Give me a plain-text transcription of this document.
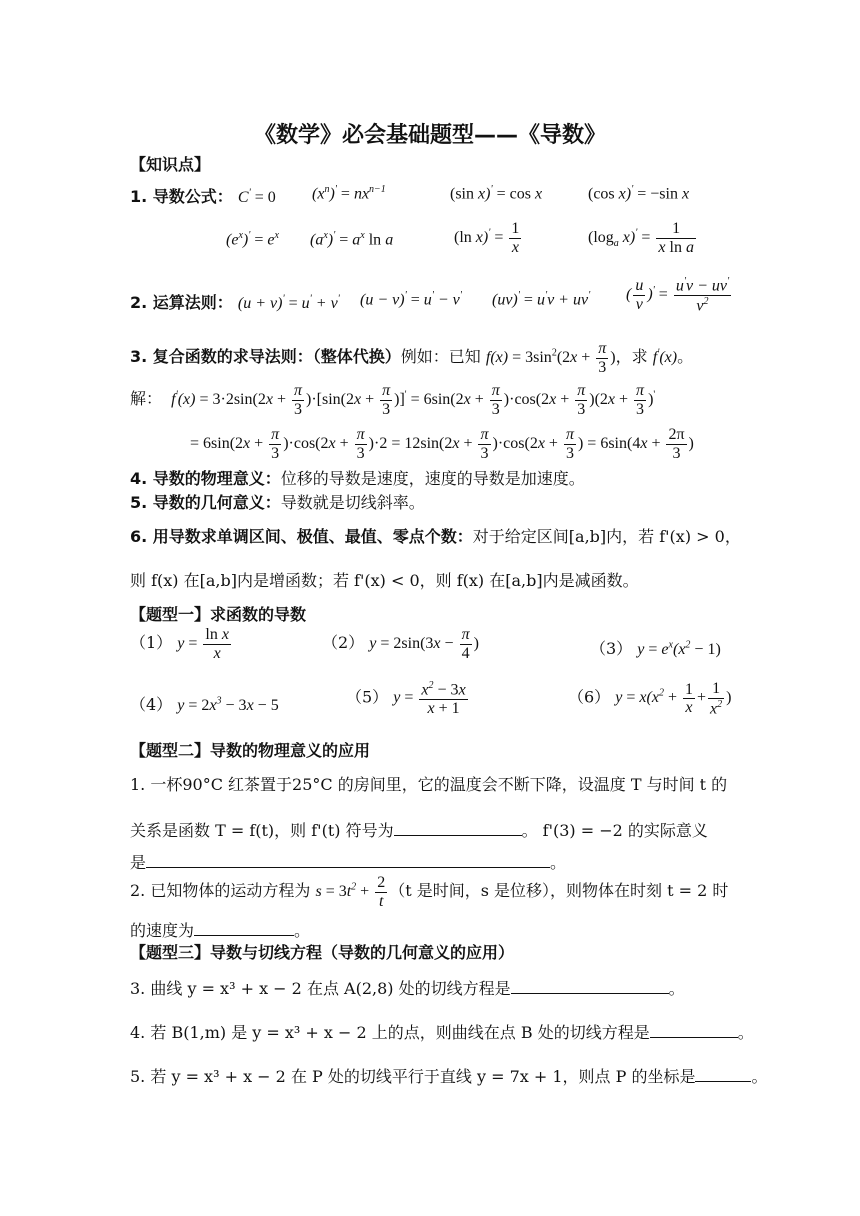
《数学》必会基础题型——《导数》
【知识点】
1. 导数公式： C' = 0 $(x^n)' = nx^{n-1}$	(sin x)' = cos x	(cos x)' = −sin x
$(e^x)' = e^x$ $(a^x)' = a^x$ ln a	(ln $x)' = \frac{1}{x}$	($\log_a$ $x)' = \frac{1}{\text{x ln a}}$
2. 运算法则： (u + v)' = u' + v' (u − v)' = u' − v' (uv)' = u'v + uv' ( $\frac{u}{v} )' = \frac{u'v - uv'}{v^2}$
3. 复合函数的求导法则：（整体代换）例如：已知 $f(x) = 3\sin^2(2x + \frac{\pi}{3}$ )，求 f'(x)。
解：  $f'(x) = 3\cdot 2\sin(2x + \frac{\pi}{3} )\cdot[\sin(2x + \frac{\pi}{3} )]' = 6\sin(2x + \frac{\pi}{3} )\cdot\cos(2x + \frac{\pi}{3} )(2x + \frac{\pi}{3} )'$
= $6\sin(2x + \frac{\pi}{3} )\cdot\cos(2x + \frac{\pi}{3} )\cdot 2 = 12\sin(2x + \frac{\pi}{3} )\cdot\cos(2x + \frac{\pi}{3}$ ) = $6\sin(4x + \frac{2\pi}{3}$ )
4. 导数的物理意义：位移的导数是速度，速度的导数是加速度。
5. 导数的几何意义：导数就是切线斜率。
6. 用导数求单调区间、极值、最值、零点个数：对于给定区间[a,b]内，若 f'(x) > 0，
则 f(x) 在[a,b]内是增函数；若 f'(x) < 0，则 f(x) 在[a,b]内是减函数。
【题型一】求函数的导数
（1） $y = \frac{\text{ln x}}{x}$	（2） $y = 2\sin(3x - \frac{\pi}{4}$ )	（3） $y = e^x(x^2 - 1)$
（4） $y = 2x^3 - 3x - 5$	（5） $y = \frac{x^2 - 3x}{x + 1}$	（6） $y = x(x^2 + \frac{1}{x} + \frac{1}{x^2}$ )
【题型二】导数的物理意义的应用
1. 一杯90°C 红茶置于25°C 的房间里，它的温度会不断下降，设温度 T 与时间 t 的
关系是函数 T = f(t)，则 f'(t) 符号为	。 f'(3) = −2 的实际意义
是	。
2. 已知物体的运动方程为 $s = 3t^2 + \frac{2}{t} (t$ 是时间，s 是位移），则物体在时刻 t = 2 时
的速度为	。
【题型三】导数与切线方程（导数的几何意义的应用）
3. 曲线 y = x³ + x − 2 在点 A(2,8) 处的切线方程是	。
4. 若 B(1,m) 是 y = x³ + x − 2 上的点，则曲线在点 B 处的切线方程是	。
5. 若 y = x³ + x − 2 在 P 处的切线平行于直线 y = 7x + 1，则点 P 的坐标是	。
